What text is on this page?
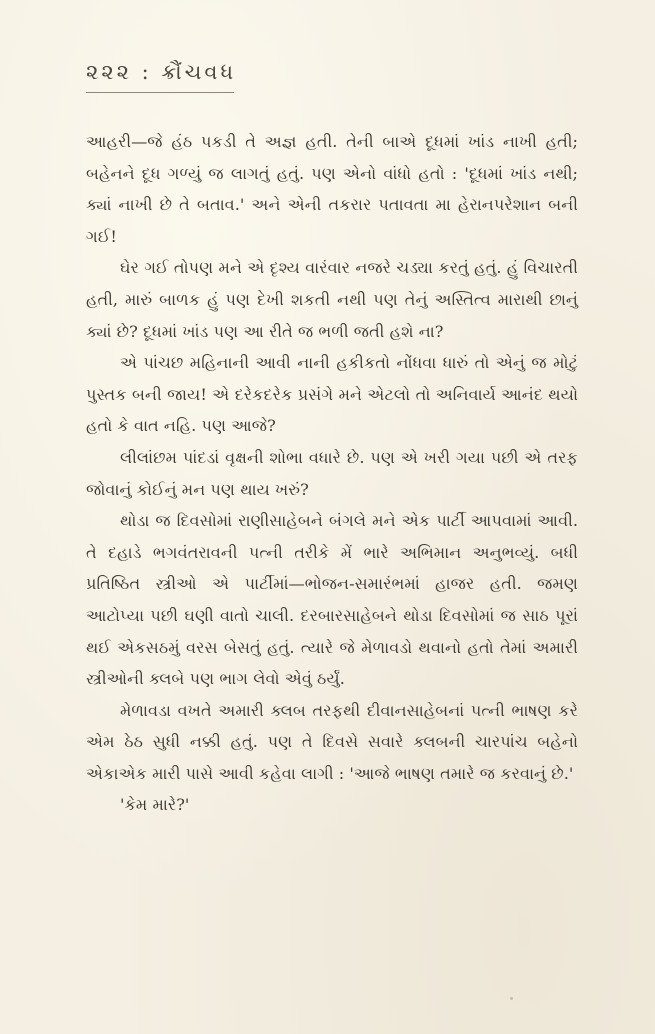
૨૨૨ : ક્રૌંચવધ

આહરી—જે હંઠ પકડી તે અજ્ઞ હતી. તેની બાએ દૂધમાં ખાંડ નાખી હતી; બહેનને દૂધ ગળ્યું જ લાગતું હતું. પણ એનો વાંધો હતો : 'દૂધમાં ખાંડ નથી; ક્યાં નાખી છે તે બતાવ.' અને એની તકરાર પતાવતા મા હેરાનપરેશાન બની ગઈ!

ઘેર ગઈ તોપણ મને એ દૃશ્ય વારંવાર નજરે ચડ્યા કરતું હતું. હું વિચારતી હતી, મારું બાળક હું પણ દેખી શકતી નથી પણ તેનું અસ્તિત્વ મારાથી છાનું ક્યાં છે? દૂધમાં ખાંડ પણ આ રીતે જ ભળી જતી હશે ના?

એ પાંચછ મહિનાની આવી નાની હકીકતો નોંધવા ધારું તો એનું જ મોટું પુસ્તક બની જાય! એ દરેકદરેક પ્રસંગે મને એટલો તો અનિવાર્ય આનંદ થયો હતો કે વાત નહિ. પણ આજે?

લીલાંછમ પાંદડાં વૃક્ષની શોભા વધારે છે. પણ એ ખરી ગયા પછી એ તરફ જોવાનું કોઈનું મન પણ થાય ખરું?

થોડા જ દિવસોમાં રાણીસાહેબને બંગલે મને એક પાર્ટી આપવામાં આવી. તે દહાડે ભગવંતરાવની પત્ની તરીકે મેં ભારે અભિમાન અનુભવ્યું. બધી પ્રતિષ્ઠિત સ્ત્રીઓ એ પાર્ટીમાં—ભોજન-સમારંભમાં હાજર હતી. જમણ આટોપ્યા પછી ઘણી વાતો ચાલી. દરબારસાહેબને થોડા દિવસોમાં જ સાઠ પૂરાં થઈ એકસઠમું વરસ બેસતું હતું. ત્યારે જે મેળાવડો થવાનો હતો તેમાં અમારી સ્ત્રીઓની ક્લબે પણ ભાગ લેવો એવું ઠર્યું.

મેળાવડા વખતે અમારી ક્લબ તરફથી દીવાનસાહેબનાં પત્ની ભાષણ કરે એમ ઠેઠ સુધી નક્કી હતું. પણ તે દિવસે સવારે ક્લબની ચારપાંચ બહેનો એકાએક મારી પાસે આવી કહેવા લાગી : 'આજે ભાષણ તમારે જ કરવાનું છે.'

'કેમ મારે?'
